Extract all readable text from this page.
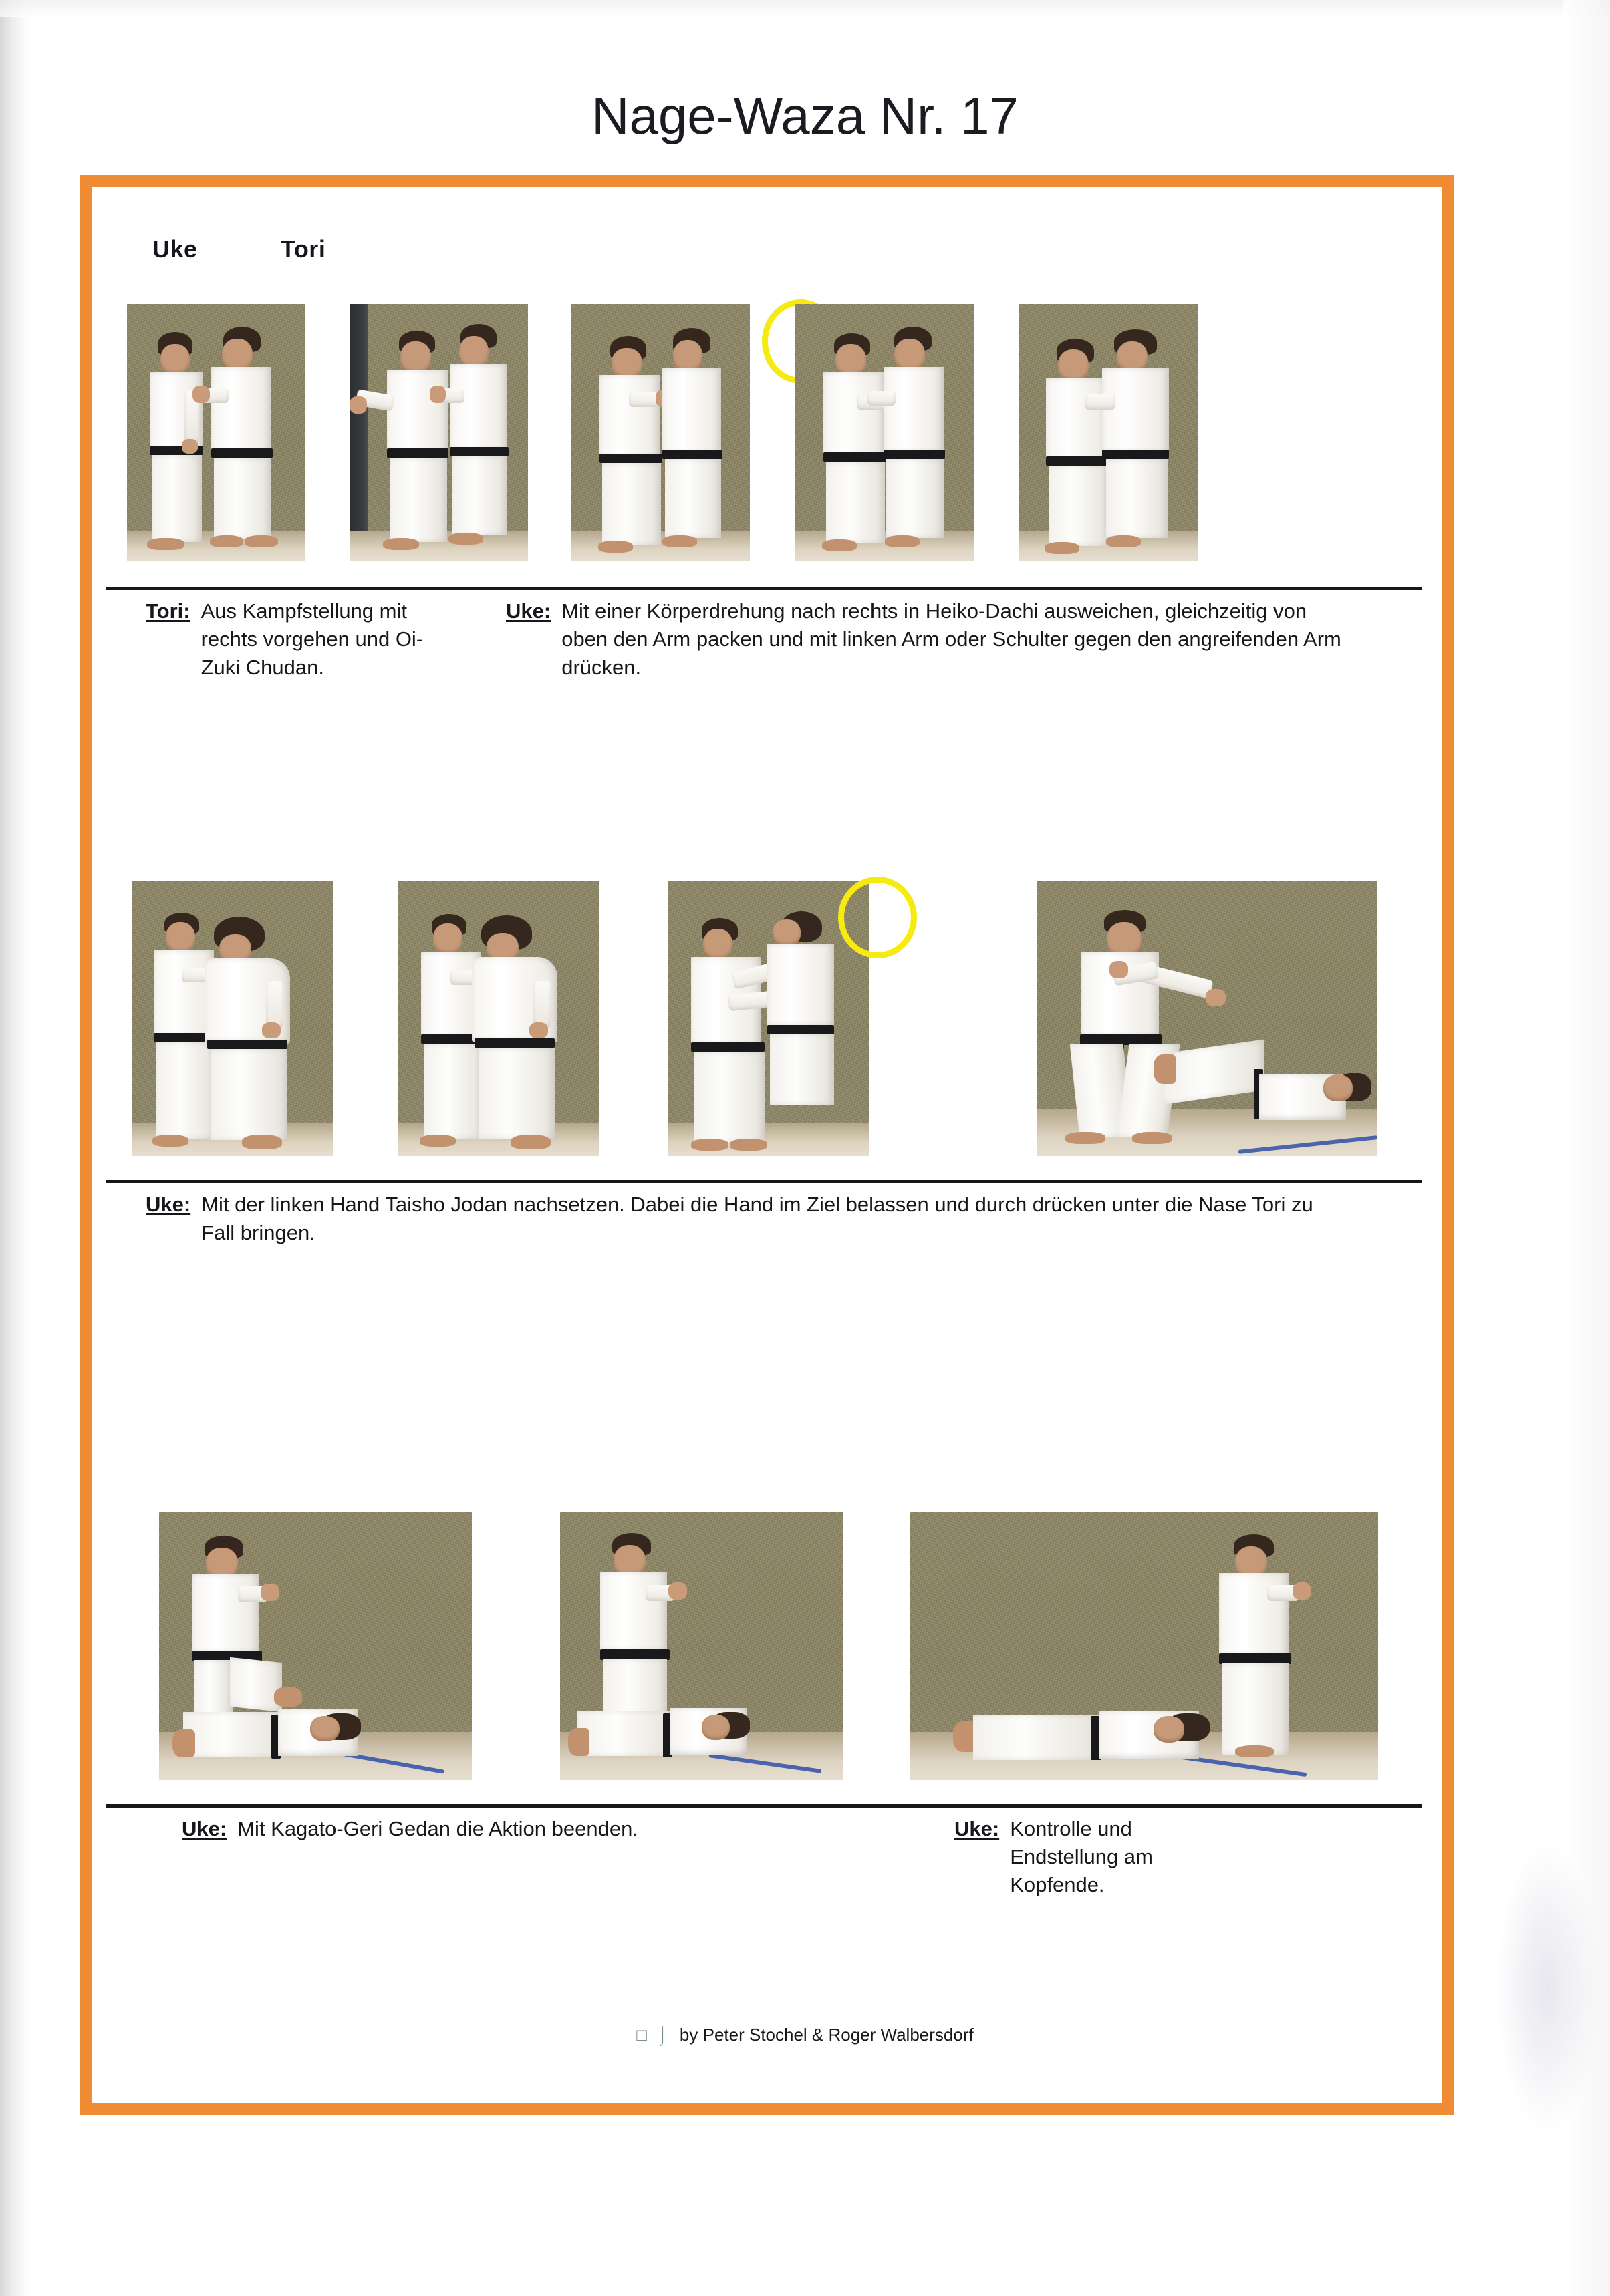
Nage-Waza Nr. 17
Uke	Tori
Tori: Aus Kampfstellung mit rechts vorgehen und Oi-Zuki Chudan.
Uke: Mit einer Körperdrehung nach rechts in Heiko-Dachi ausweichen, gleichzeitig von oben den Arm packen und mit linken Arm oder Schulter gegen den angreifenden Arm drücken.
Uke: Mit der linken Hand Taisho Jodan nachsetzen. Dabei die Hand im Ziel belassen und durch drücken unter die Nase Tori zu Fall bringen.
Uke: Mit Kagato-Geri Gedan die Aktion beenden.	Uke: Kontrolle und Endstellung am Kopfende.
□ ⌡ by Peter Stochel & Roger Walbersdorf
